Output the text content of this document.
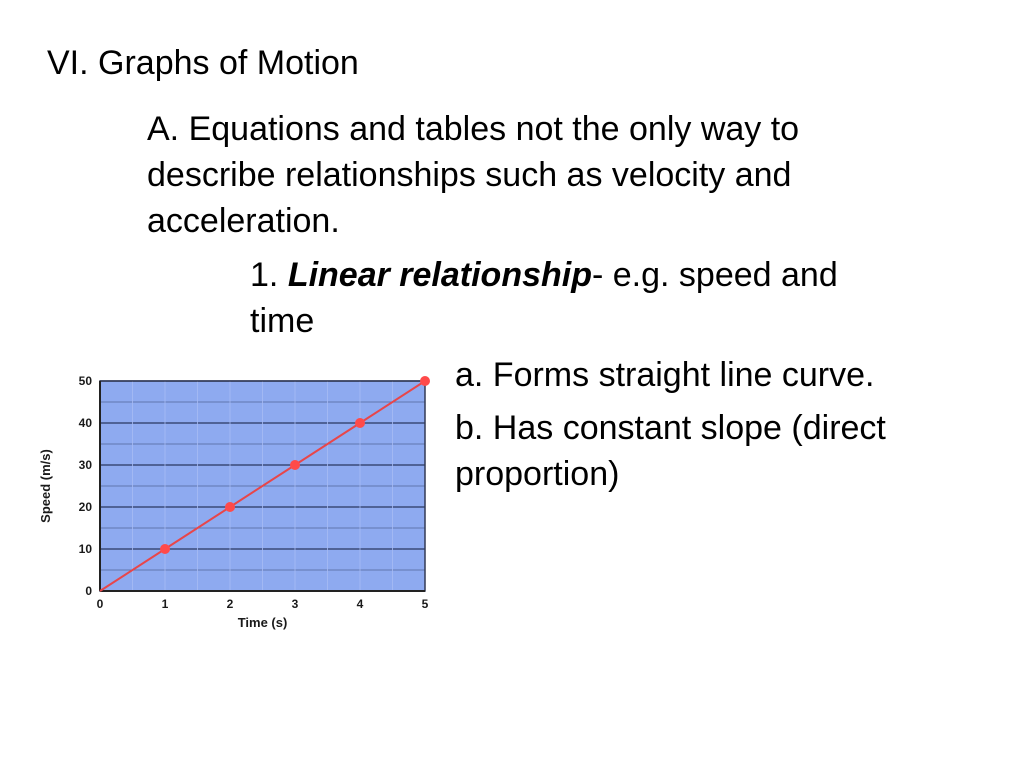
VI. Graphs of Motion
A. Equations and tables not the only way to
describe relationships such as velocity and
acceleration.
1. Linear relationship- e.g. speed and
time
a. Forms straight line curve.
b. Has constant slope (direct
proportion)
0	1	2	3	4	5
0
10
20
30
40
50
Time (s)
Speed (m/s)
